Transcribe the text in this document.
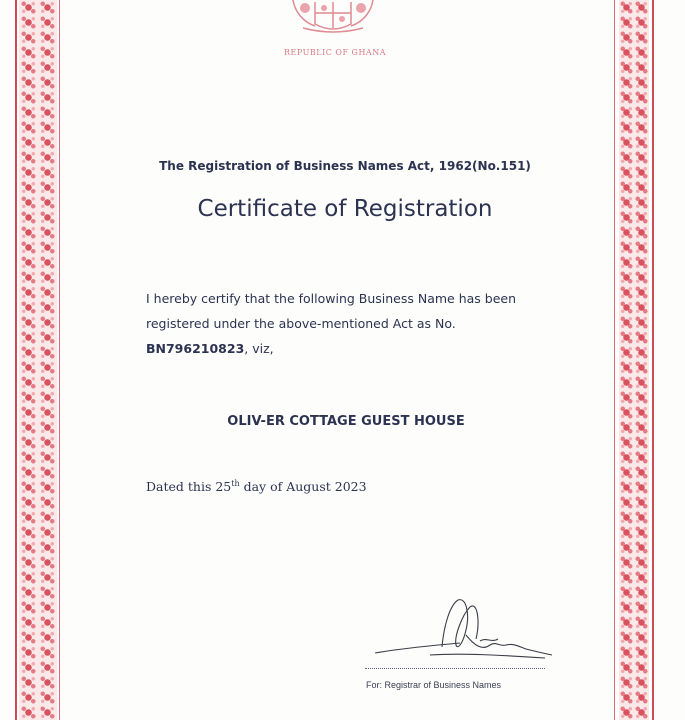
REPUBLIC OF GHANA
The Registration of Business Names Act, 1962(No.151)
Certificate of Registration
I hereby certify that the following Business Name has been
registered under the above-mentioned Act as No.
BN796210823, viz,
OLIV-ER COTTAGE GUEST HOUSE
Dated this 25th day of August 2023
For: Registrar of Business Names
